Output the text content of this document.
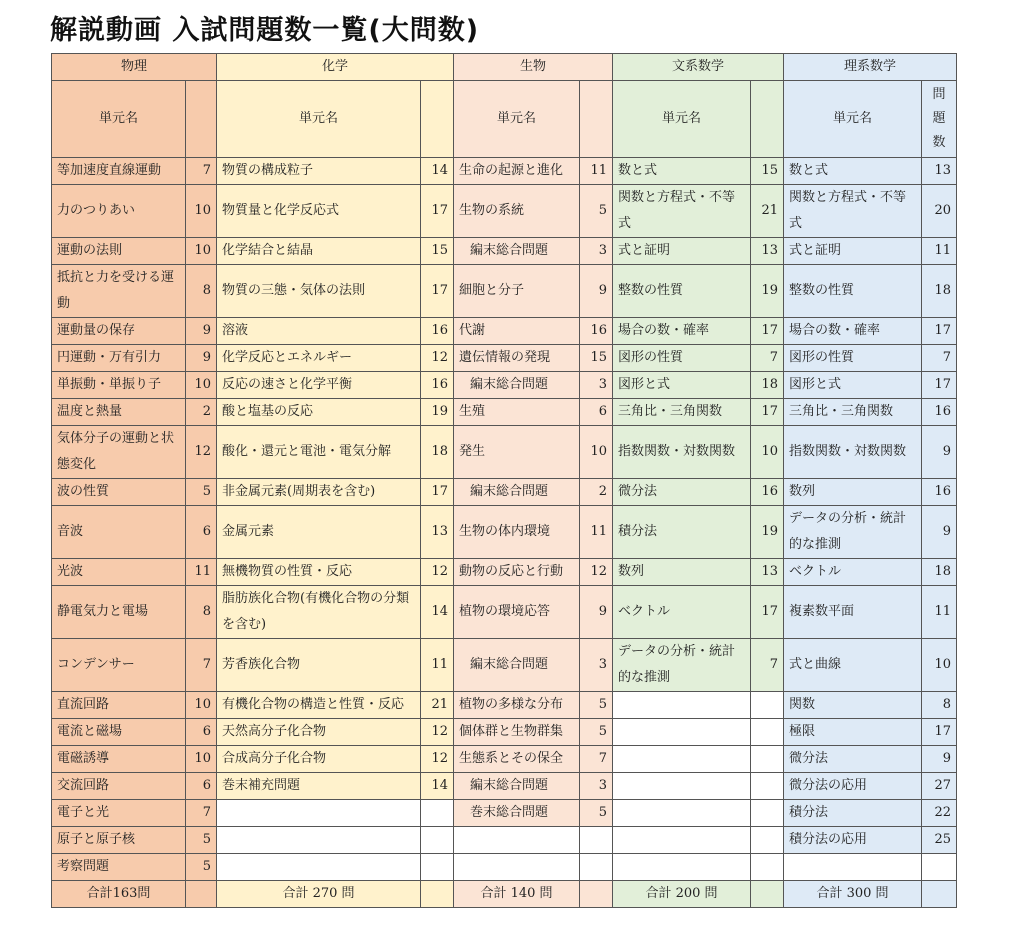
解説動画 入試問題数一覧(大問数)
物理		化学		生物		文系数学		理系数学	
単元名		単元名		単元名		単元名		単元名	問題数
等加速度直線運動	7	物質の構成粒子	14	生命の起源と進化	11	数と式	15	数と式	13
力のつりあい	10	物質量と化学反応式	17	生物の系統	5	関数と方程式・不等式	21	関数と方程式・不等式	20
運動の法則	10	化学結合と結晶	15	編末総合問題	3	式と証明	13	式と証明	11
抵抗と力を受ける運動	8	物質の三態・気体の法則	17	細胞と分子	9	整数の性質	19	整数の性質	18
運動量の保存	9	溶液	16	代謝	16	場合の数・確率	17	場合の数・確率	17
円運動・万有引力	9	化学反応とエネルギー	12	遺伝情報の発現	15	図形の性質	7	図形の性質	7
単振動・単振り子	10	反応の速さと化学平衡	16	編末総合問題	3	図形と式	18	図形と式	17
温度と熱量	2	酸と塩基の反応	19	生殖	6	三角比・三角関数	17	三角比・三角関数	16
気体分子の運動と状態変化	12	酸化・還元と電池・電気分解	18	発生	10	指数関数・対数関数	10	指数関数・対数関数	9
波の性質	5	非金属元素(周期表を含む)	17	編末総合問題	2	微分法	16	数列	16
音波	6	金属元素	13	生物の体内環境	11	積分法	19	データの分析・統計的な推測	9
光波	11	無機物質の性質・反応	12	動物の反応と行動	12	数列	13	ベクトル	18
静電気力と電場	8	脂肪族化合物(有機化合物の分類を含む)	14	植物の環境応答	9	ベクトル	17	複素数平面	11
コンデンサー	7	芳香族化合物	11	編末総合問題	3	データの分析・統計的な推測	7	式と曲線	10
直流回路	10	有機化合物の構造と性質・反応	21	植物の多様な分布	5			関数	8
電流と磁場	6	天然高分子化合物	12	個体群と生物群集	5			極限	17
電磁誘導	10	合成高分子化合物	12	生態系とその保全	7			微分法	9
交流回路	6	巻末補充問題	14	編末総合問題	3			微分法の応用	27
電子と光	7			巻末総合問題	5			積分法	22
原子と原子核	5							積分法の応用	25
考察問題	5								
合計163問		合計 270 問		合計 140 問		合計 200 問		合計 300 問	
